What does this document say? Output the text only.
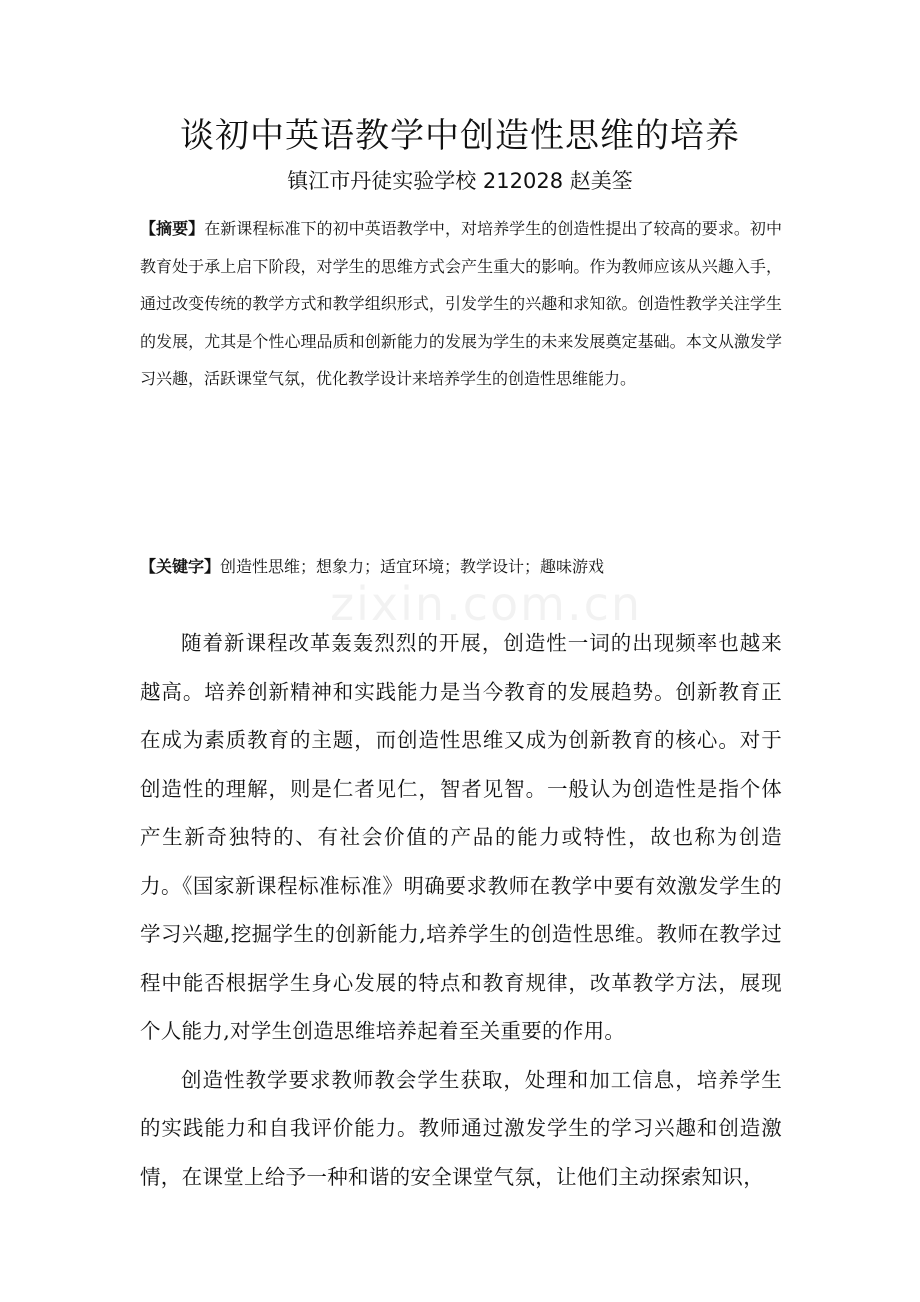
谈初中英语教学中创造性思维的培养

镇江市丹徒实验学校 212028 赵美筌

【摘要】在新课程标准下的初中英语教学中，对培养学生的创造性提出了较高的要求。初中教育处于承上启下阶段，对学生的思维方式会产生重大的影响。作为教师应该从兴趣入手，通过改变传统的教学方式和教学组织形式，引发学生的兴趣和求知欲。创造性教学关注学生的发展，尤其是个性心理品质和创新能力的发展为学生的未来发展奠定基础。本文从激发学习兴趣，活跃课堂气氛，优化教学设计来培养学生的创造性思维能力。

【关键字】创造性思维；想象力；适宜环境；教学设计；趣味游戏

zixin.com.cn

随着新课程改革轰轰烈烈的开展，创造性一词的出现频率也越来越高。培养创新精神和实践能力是当今教育的发展趋势。创新教育正在成为素质教育的主题，而创造性思维又成为创新教育的核心。对于创造性的理解，则是仁者见仁，智者见智。一般认为创造性是指个体产生新奇独特的、有社会价值的产品的能力或特性，故也称为创造力。《国家新课程标准标准》明确要求教师在教学中要有效激发学生的学习兴趣,挖掘学生的创新能力,培养学生的创造性思维。教师在教学过程中能否根据学生身心发展的特点和教育规律，改革教学方法，展现个人能力,对学生创造思维培养起着至关重要的作用。

创造性教学要求教师教会学生获取，处理和加工信息，培养学生的实践能力和自我评价能力。教师通过激发学生的学习兴趣和创造激情，在课堂上给予一种和谐的安全课堂气氛，让他们主动探索知识，
